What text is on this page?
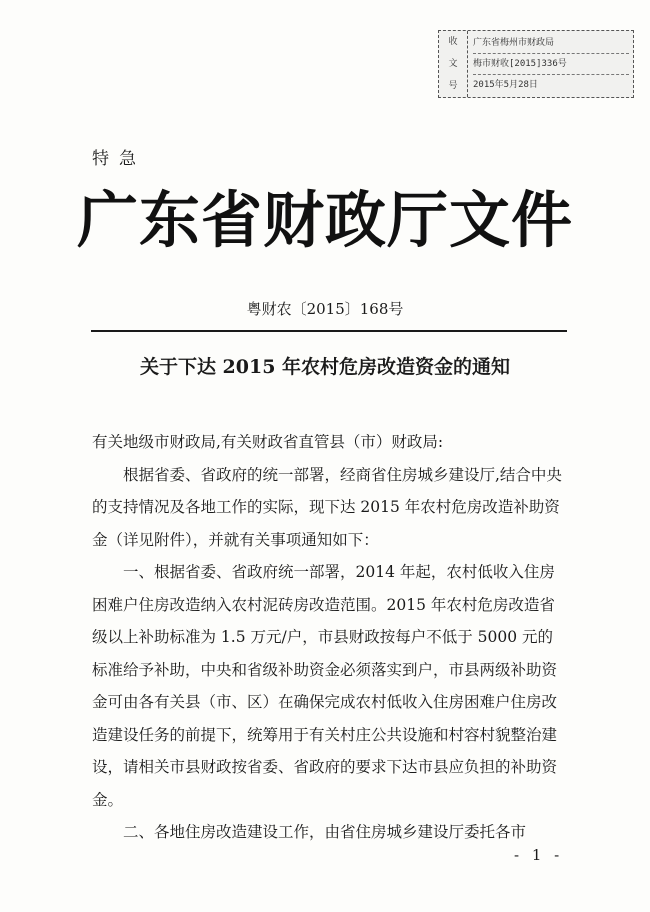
收
文
号
广东省梅州市财政局
梅市财收[2015]336号
2015年5月28日
特急
广东省财政厅文件
粤财农〔2015〕168号
关于下达 2015 年农村危房改造资金的通知

有关地级市财政局,有关财政省直管县（市）财政局:

根据省委、省政府的统一部署，经商省住房城乡建设厅,结合中央的支持情况及各地工作的实际，现下达 2015 年农村危房改造补助资金（详见附件），并就有关事项通知如下：

一、根据省委、省政府统一部署，2014 年起，农村低收入住房困难户住房改造纳入农村泥砖房改造范围。2015 年农村危房改造省级以上补助标准为 1.5 万元/户，市县财政按每户不低于 5000 元的标准给予补助，中央和省级补助资金必须落实到户，市县两级补助资金可由各有关县（市、区）在确保完成农村低收入住房困难户住房改造建设任务的前提下，统筹用于有关村庄公共设施和村容村貌整治建设，请相关市县财政按省委、省政府的要求下达市县应负担的补助资金。

二、各地住房改造建设工作，由省住房城乡建设厅委托各市

- 1 -
